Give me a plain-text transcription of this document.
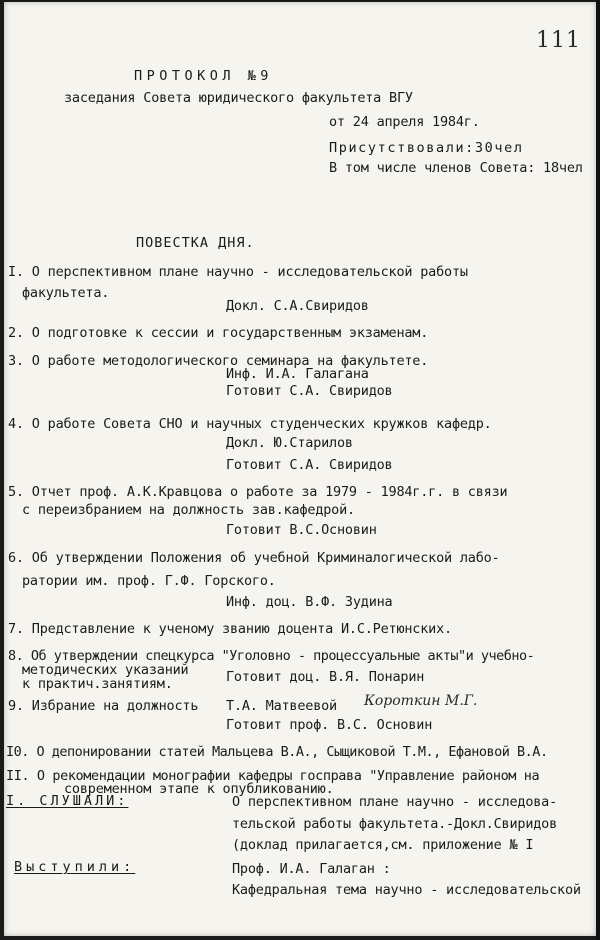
111
ПРОТОКОЛ №9
заседания Совета юридического факультета ВГУ
от 24 апреля 1984г.
Присутствовали:30чел
В том числе членов Совета: 18чел
ПОВЕСТКА ДНЯ.
I. О перспективном плане научно - исследовательской работы
факультета.
Докл. С.А.Свиридов
2. О подготовке к сессии и государственным экзаменам.
3. О работе методологического семинара на факультете.
Инф. И.А. Галагана
Готовит С.А. Свиридов
4. О работе Совета СНО и научных студенческих кружков кафедр.
Докл. Ю.Старилов
Готовит С.А. Свиридов
5. Отчет проф. А.К.Кравцова о работе за 1979 - 1984г.г. в связи
с переизбранием на должность зав.кафедрой.
Готовит В.С.Основин
6. Об утверждении Положения об учебной Криминалогической лабо-
ратории им. проф. Г.Ф. Горского.
Инф. доц. В.Ф. Зудина
7. Представление к ученому званию доцента И.С.Ретюнских.
8. Об утверждении спецкурса "Уголовно - процессуальные акты"и учебно-
методических указаний
к практич.занятиям.	Готовит доц. В.Я. Понарин
9. Избрание на должность Т.А. Матвеевой Короткин М.Г.
Готовит проф. В.С. Основин
I0. О депонировании статей Мальцева В.А., Сыщиковой Т.М., Ефановой В.А.
II. О рекомендации монографии кафедры госправа "Управление районом на
современном этапе к опубликованию.
I. СЛУШАЛИ:	О перспективном плане научно - исследова-
тельской работы факультета.-Докл.Свиридов
(доклад прилагается,см. приложение № I
Выступили:	Проф. И.А. Галаган :
Кафедральная тема научно - исследовательской
